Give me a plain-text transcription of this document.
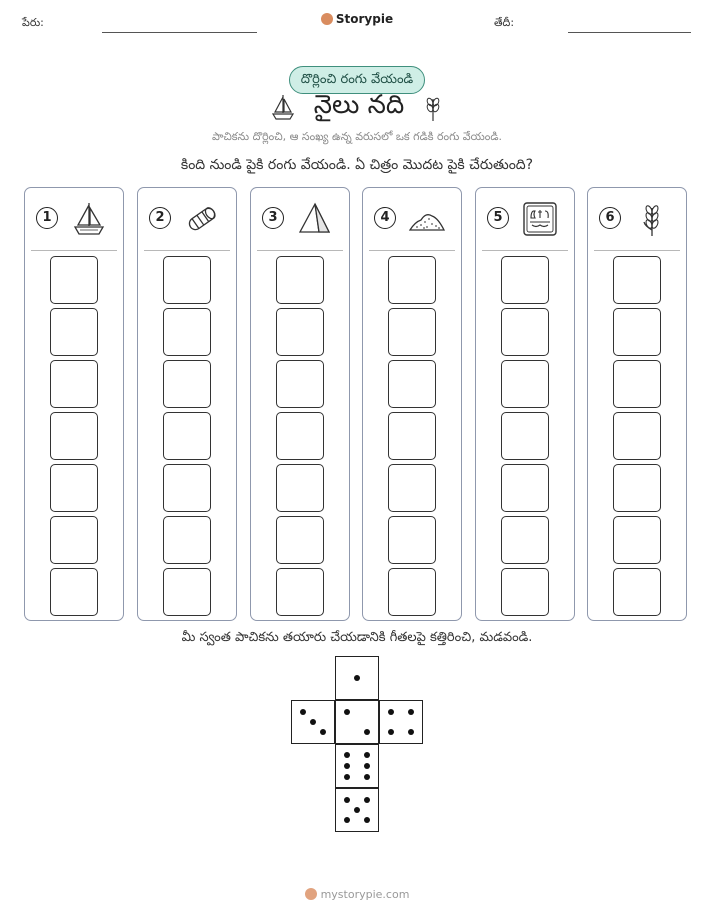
పేరు:	Storypie	తేదీ:
దొర్లించి రంగు వేయండి
నైలు నది
పాచికను దొర్లించి, ఆ సంఖ్య ఉన్న వరుసలో ఒక గడికి రంగు వేయండి.
కింది నుండి పైకి రంగు వేయండి. ఏ చిత్రం మొదట పైకి చేరుతుంది?
1	2	3	4	5	6
మీ స్వంత పాచికను తయారు చేయడానికి గీతలపై కత్తిరించి, మడవండి.
mystorypie.com
